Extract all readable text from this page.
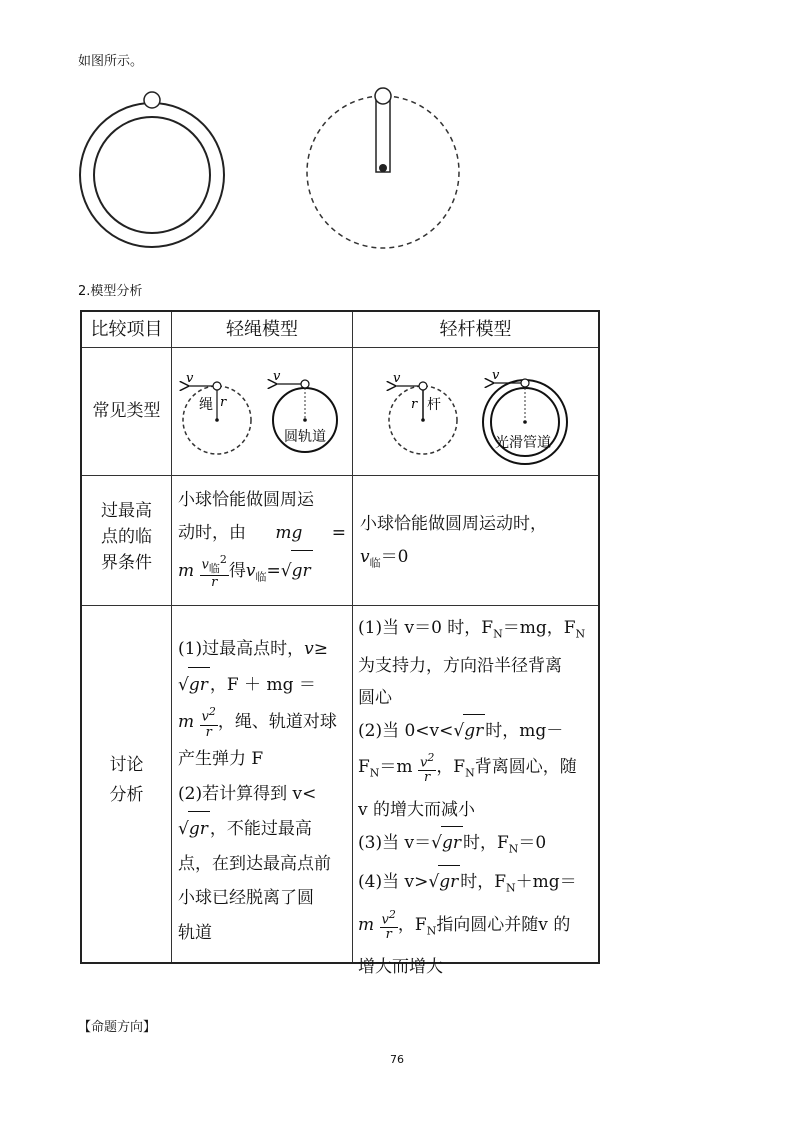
如图所示。
2.模型分析
比较项目	轻绳模型	轻杆模型
常见类型
v
r
绳
v
圆轨道
v
r 杆
v
光滑管道
过最高
点的临
界条件
小球恰能做圆周运
动时，由 mg =
m $\frac{v_临^2}{r}$ 得$v_临=√gr$
小球恰能做圆周运动时，
$v_临=0$
讨论
分析
(1)过最高点时，v≥
√gr ，F ＋ mg ＝
m $\frac{v^2}{r}$ ，绳、轨道对球
产生弹力 F
(2)若计算得到 v<
√gr ，不能过最高
点，在到达最高点前
小球已经脱离了圆
轨道
(1)当 v＝0 时，$F_N=mg$，$F_N$
为支持力，方向沿半径背离
圆心
(2)当 0<v<√gr 时，mg－
$F_N=m \frac{v^2}{r}$ ，$F_N$背离圆心，随
v 的增大而减小
(3)当 v＝√gr 时，$F_N=0$
(4)当 v>√gr 时，$F_N+mg=$
m $\frac{v^2}{r}$ ，$F_N$指向圆心并随v 的
增大而增大
【命题方向】
76
